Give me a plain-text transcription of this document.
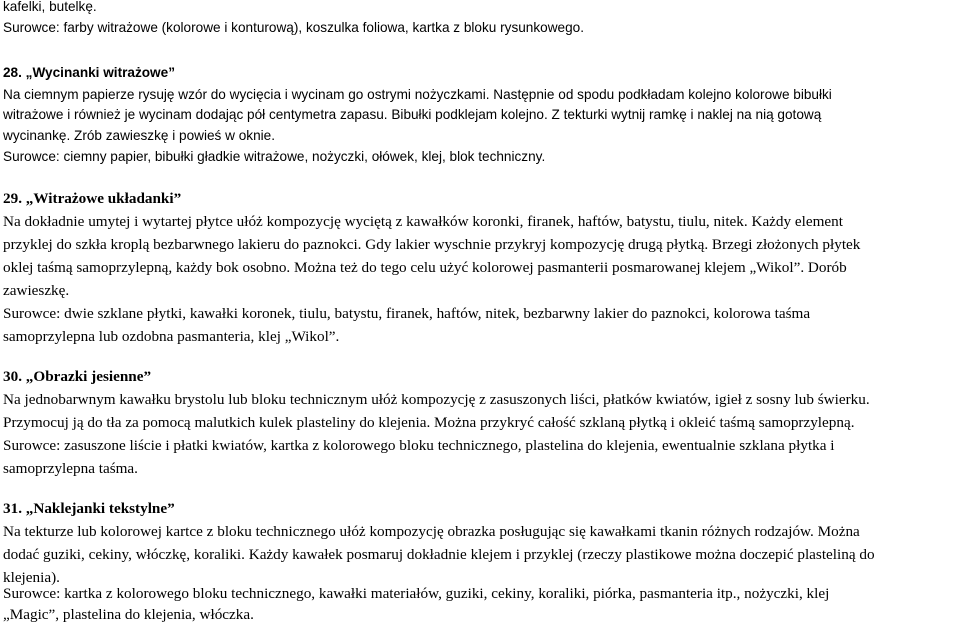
kafelki, butelkę.
Surowce: farby witrażowe (kolorowe i konturową), koszulka foliowa, kartka z bloku rysunkowego.
28. „Wycinanki witrażowe”
Na ciemnym papierze rysuję wzór do wycięcia i wycinam go ostrymi nożyczkami. Następnie od spodu podkładam kolejno kolorowe bibułki
witrażowe i również je wycinam dodając pół centymetra zapasu. Bibułki podklejam kolejno. Z tekturki wytnij ramkę i naklej na nią gotową
wycinankę. Zrób zawieszkę i powieś w oknie.
Surowce: ciemny papier, bibułki gładkie witrażowe, nożyczki, ołówek, klej, blok techniczny.
29. „Witrażowe układanki”
Na dokładnie umytej i wytartej płytce ułóż kompozycję wyciętą z kawałków koronki, firanek, haftów, batystu, tiulu, nitek. Każdy element
przyklej do szkła kroplą bezbarwnego lakieru do paznokci. Gdy lakier wyschnie przykryj kompozycję drugą płytką. Brzegi złożonych płytek
oklej taśmą samoprzylepną, każdy bok osobno. Można też do tego celu użyć kolorowej pasmanterii posmarowanej klejem „Wikol”. Dorób
zawieszkę.
Surowce: dwie szklane płytki, kawałki koronek, tiulu, batystu, firanek, haftów, nitek, bezbarwny lakier do paznokci, kolorowa taśma
samoprzylepna lub ozdobna pasmanteria, klej „Wikol”.
30. „Obrazki jesienne”
Na jednobarwnym kawałku brystolu lub bloku technicznym ułóż kompozycję z zasuszonych liści, płatków kwiatów, igieł z sosny lub świerku.
Przymocuj ją do tła za pomocą malutkich kulek plasteliny do klejenia. Można przykryć całość szklaną płytką i okleić taśmą samoprzylepną.
Surowce: zasuszone liście i płatki kwiatów, kartka z kolorowego bloku technicznego, plastelina do klejenia, ewentualnie szklana płytka i
samoprzylepna taśma.
31. „Naklejanki tekstylne”
Na tekturze lub kolorowej kartce z bloku technicznego ułóż kompozycję obrazka posługując się kawałkami tkanin różnych rodzajów. Można
dodać guziki, cekiny, włóczkę, koraliki. Każdy kawałek posmaruj dokładnie klejem i przyklej (rzeczy plastikowe można doczepić plasteliną do
klejenia).
Surowce: kartka z kolorowego bloku technicznego, kawałki materiałów, guziki, cekiny, koraliki, piórka, pasmanteria itp., nożyczki, klej
„Magic”, plastelina do klejenia, włóczka.
